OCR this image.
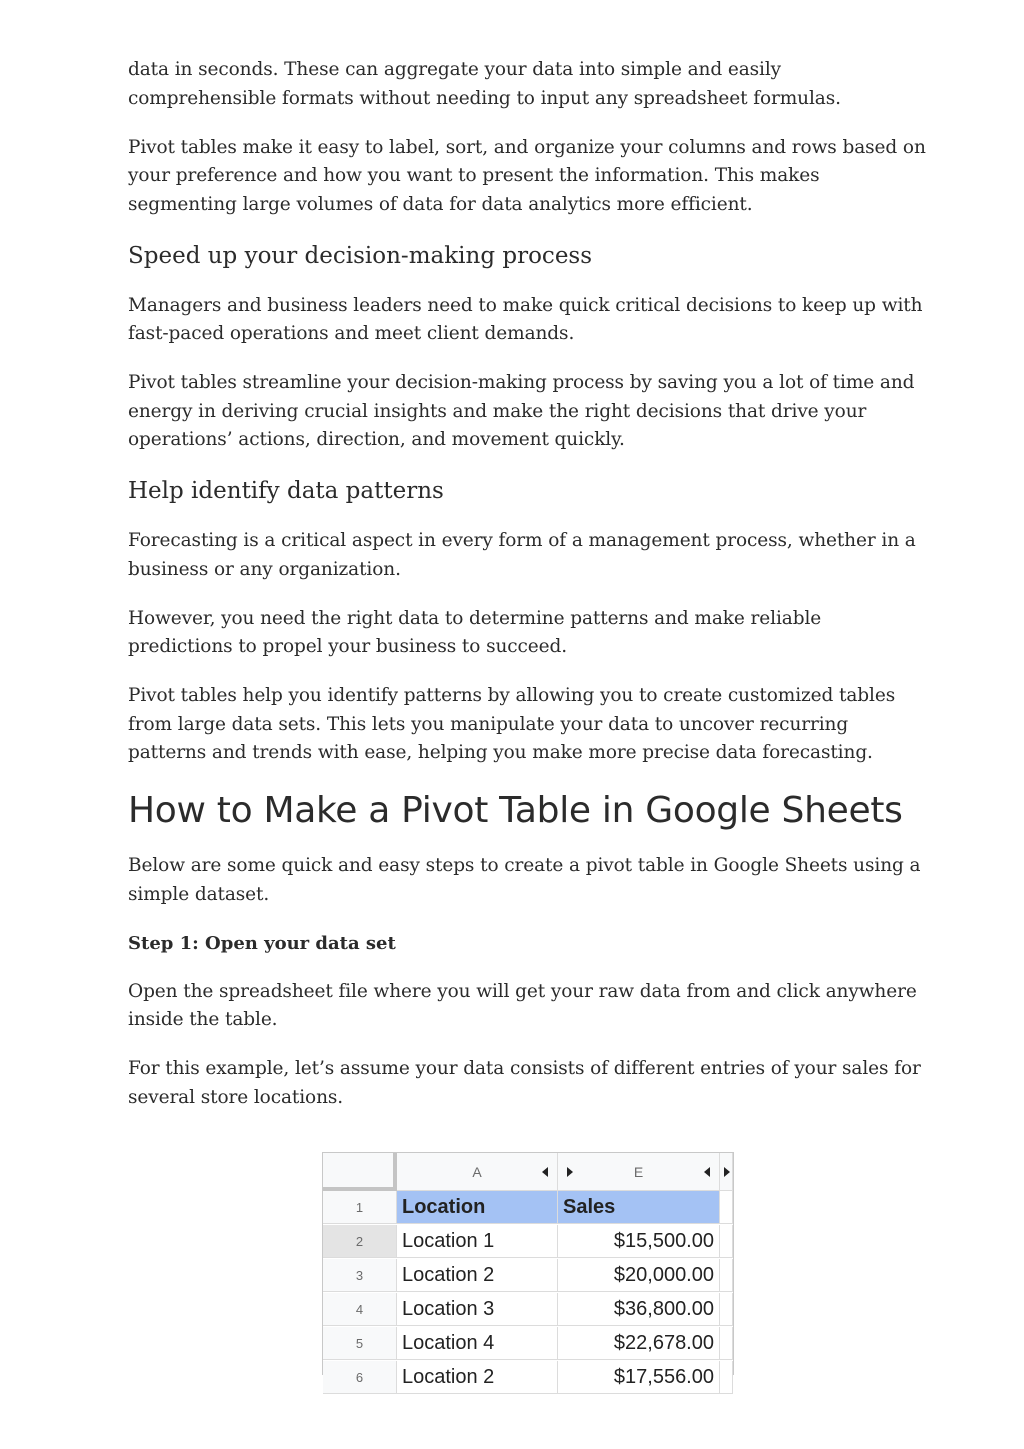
data in seconds. These can aggregate your data into simple and easily comprehensible formats without needing to input any spreadsheet formulas.

Pivot tables make it easy to label, sort, and organize your columns and rows based on your preference and how you want to present the information. This makes segmenting large volumes of data for data analytics more efficient.

Speed up your decision-making process

Managers and business leaders need to make quick critical decisions to keep up with fast-paced operations and meet client demands.

Pivot tables streamline your decision-making process by saving you a lot of time and energy in deriving crucial insights and make the right decisions that drive your operations’ actions, direction, and movement quickly.

Help identify data patterns

Forecasting is a critical aspect in every form of a management process, whether in a business or any organization.

However, you need the right data to determine patterns and make reliable predictions to propel your business to succeed.

Pivot tables help you identify patterns by allowing you to create customized tables from large data sets. This lets you manipulate your data to uncover recurring patterns and trends with ease, helping you make more precise data forecasting.

How to Make a Pivot Table in Google Sheets

Below are some quick and easy steps to create a pivot table in Google Sheets using a simple dataset.

Step 1: Open your data set

Open the spreadsheet file where you will get your raw data from and click anywhere inside the table.

For this example, let’s assume your data consists of different entries of your sales for several store locations.

A	E
1	Location	Sales
2	Location 1	$15,500.00
3	Location 2	$20,000.00
4	Location 3	$36,800.00
5	Location 4	$22,678.00
6	Location 2	$17,556.00
